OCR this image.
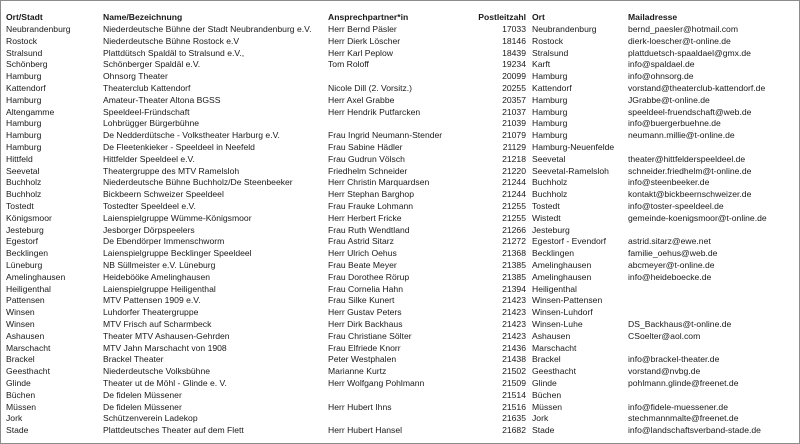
Ort/Stadt	Name/Bezeichnung	Ansprechpartner*in	Postleitzahl	Ort	Mailadresse
Neubrandenburg	Niederdeutsche Bühne der Stadt Neubrandenburg e.V.	Herr Bernd Päsler	17033	Neubrandenburg	bernd_paesler@hotmail.com
Rostock	Niederdeutsche Bühne Rostock e.V	Herr Dierk Löscher	18146	Rostock	dierk-loescher@t-online.de
Stralsund	Plattdütsch Spaldäl to Stralsund e.V.,	Herr Karl Peplow	18439	Stralsund	plattduetsch-spaaldael@gmx.de
Schönberg	Schönberger Spaldäl e.V.	Tom Roloff	19234	Karft	info@spaldael.de
Hamburg	Ohnsorg Theater		20099	Hamburg	info@ohnsorg.de
Kattendorf	Theaterclub Kattendorf	Nicole Dill (2. Vorsitz.)	20255	Kattendorf	vorstand@theaterclub-kattendorf.de
Hamburg	Amateur-Theater Altona BGSS	Herr Axel Grabbe	20357	Hamburg	JGrabbe@t-online.de
Altengamme	Speeldeel-Fründschaft	Herr Hendrik Putfarcken	21037	Hamburg	speeldeel-fruendschaft@web.de
Hamburg	Lohbrügger Bürgerbühne		21039	Hamburg	info@buergerbuehne.de
Hamburg	De Nedderdütsche - Volkstheater Harburg e.V.	Frau Ingrid Neumann-Stender	21079	Hamburg	neumann.millie@t-online.de
Hamburg	De Fleetenkieker - Speeldeel in Neefeld	Frau Sabine Hädler	21129	Hamburg-Neuenfelde	
Hittfeld	Hittfelder Speeldeel e.V.	Frau Gudrun Völsch	21218	Seevetal	theater@hittfelderspeeldeel.de
Seevetal	Theatergruppe des MTV Ramelsloh	Friedhelm Schneider	21220	Seevetal-Ramelsloh	schneider.friedhelm@t-online.de
Buchholz	Niederdeutsche Bühne Buchholz/De Steenbeeker	Herr Christin Marquardsen	21244	Buchholz	info@steenbeeker.de
Buchholz	Bickbeern Schweizer Speeldeel	Herr Stephan Barghop	21244	Buchholz	kontakt@bickbeernschweizer.de
Tostedt	Tostedter Speeldeel e.V.	Frau Frauke Lohmann	21255	Tostedt	info@toster-speeldeel.de
Königsmoor	Laienspielgruppe Wümme-Königsmoor	Herr Herbert Fricke	21255	Wistedt	gemeinde-koenigsmoor@t-online.de
Jesteburg	Jesborger Dörpspeelers	Frau Ruth Wendtland	21266	Jesteburg	
Egestorf	De Ebendörper Immenschworm	Frau Astrid Sitarz	21272	Egestorf - Evendorf	astrid.sitarz@ewe.net
Becklingen	Laienspielgruppe Becklinger Speeldeel	Herr Ulrich Oehus	21368	Becklingen	familie_oehus@web.de
Lüneburg	NB Süllmeister e.V. Lüneburg	Frau Beate Meyer	21385	Amelinghausen	abcmeyer@t-online.de
Amelinghausen	Heidebööke Amelinghausen	Frau Dorothee Rörup	21385	Amelinghausen	info@heideboecke.de
Heiligenthal	Laienspielgruppe Heiligenthal	Frau Cornelia Hahn	21394	Heiligenthal	
Pattensen	MTV Pattensen 1909 e.V.	Frau Silke Kunert	21423	Winsen-Pattensen	
Winsen	Luhdorfer Theatergruppe	Herr Gustav Peters	21423	Winsen-Luhdorf	
Winsen	MTV Frisch auf Scharmbeck	Herr Dirk Backhaus	21423	Winsen-Luhe	DS_Backhaus@t-online.de
Ashausen	Theater MTV Ashausen-Gehrden	Frau Christiane Sölter	21423	Ashausen	CSoelter@aol.com
Marschacht	MTV Jahn Marschacht von 1908	Frau Elfriede Knorr	21436	Marschacht	
Brackel	Brackel Theater	Peter Westphalen	21438	Brackel	info@brackel-theater.de
Geesthacht	Niederdeutsche Volksbühne	Marianne Kurtz	21502	Geesthacht	vorstand@nvbg.de
Glinde	Theater ut de Möhl - Glinde e. V.	Herr Wolfgang Pohlmann	21509	Glinde	pohlmann.glinde@freenet.de
Büchen	De fidelen Müssener		21514	Büchen	
Müssen	De fidelen Müssener	Herr Hubert Ihns	21516	Müssen	info@fidele-muessener.de
Jork	Schützenverein Ladekop		21635	Jork	stechmannmalte@freenet.de
Stade	Plattdeutsches Theater auf dem Flett	Herr Hubert Hansel	21682	Stade	info@landschaftsverband-stade.de
